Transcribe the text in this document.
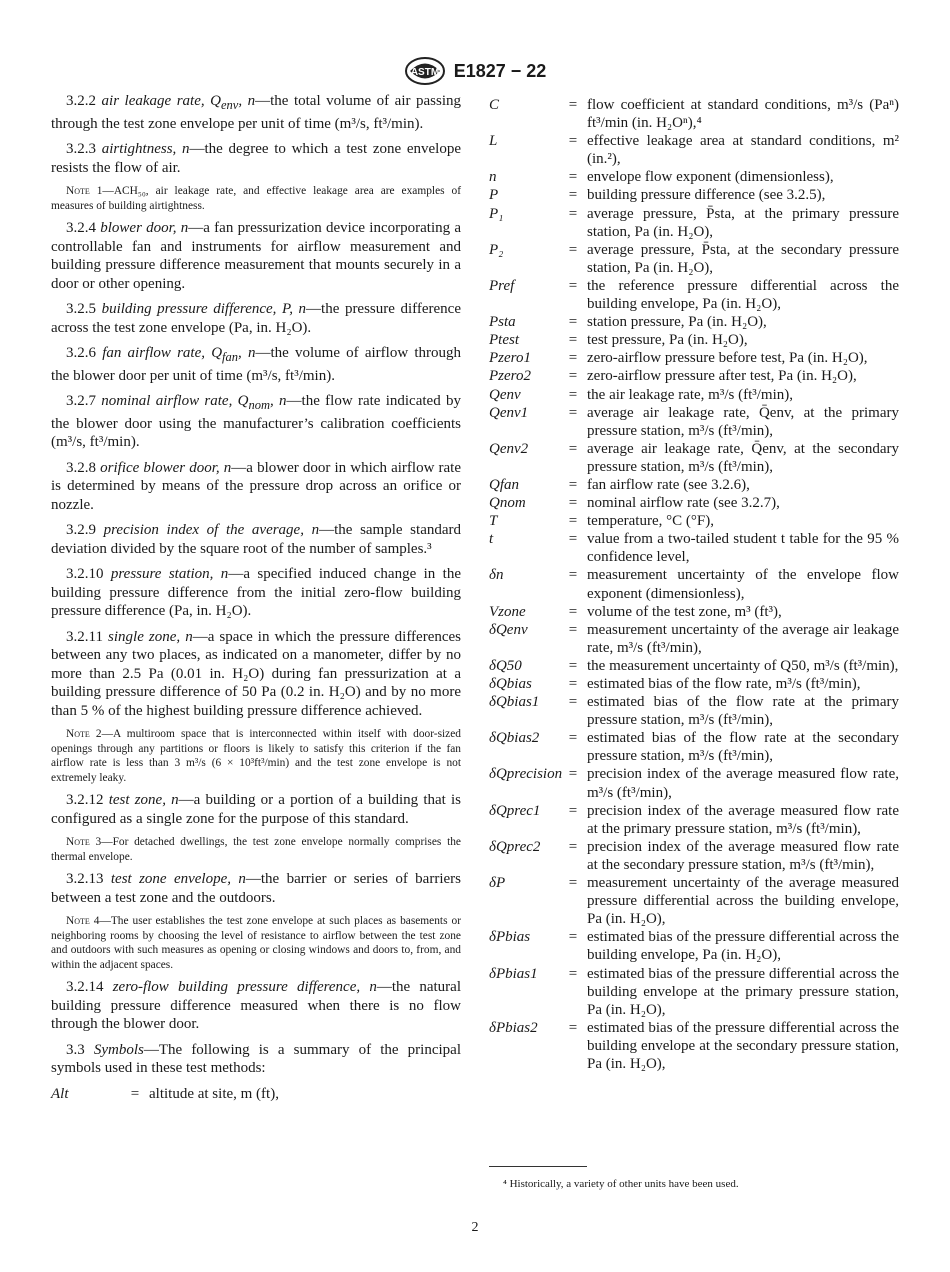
ASTM E1827 − 22

3.2.2 air leakage rate, $Q_{env}$, n—the total volume of air passing through the test zone envelope per unit of time (m³/s, ft³/min).

3.2.3 airtightness, n—the degree to which a test zone envelope resists the flow of air.

Note 1—ACH₅₀, air leakage rate, and effective leakage area are examples of measures of building airtightness.

3.2.4 blower door, n—a fan pressurization device incorporating a controllable fan and instruments for airflow measurement and building pressure difference measurement that mounts securely in a door or other opening.

3.2.5 building pressure difference, P, n—the pressure difference across the test zone envelope (Pa, in. H₂O).

3.2.6 fan airflow rate, $Q_{fan}$, n—the volume of airflow through the blower door per unit of time (m³/s, ft³/min).

3.2.7 nominal airflow rate, $Q_{nom}$, n—the flow rate indicated by the blower door using the manufacturer’s calibration coefficients (m³/s, ft³/min).

3.2.8 orifice blower door, n—a blower door in which airflow rate is determined by means of the pressure drop across an orifice or nozzle.

3.2.9 precision index of the average, n—the sample standard deviation divided by the square root of the number of samples.³

3.2.10 pressure station, n—a specified induced change in the building pressure difference from the initial zero-flow building pressure difference (Pa, in. H₂O).

3.2.11 single zone, n—a space in which the pressure differences between any two places, as indicated on a manometer, differ by no more than 2.5 Pa (0.01 in. H₂O) during fan pressurization at a building pressure difference of 50 Pa (0.2 in. H₂O) and by no more than 5 % of the highest building pressure difference achieved.

Note 2—A multiroom space that is interconnected within itself with door-sized openings through any partitions or floors is likely to satisfy this criterion if the fan airflow rate is less than 3 m³/s (6 × 10³ft³/min) and the test zone envelope is not extremely leaky.

3.2.12 test zone, n—a building or a portion of a building that is configured as a single zone for the purpose of this standard.

Note 3—For detached dwellings, the test zone envelope normally comprises the thermal envelope.

3.2.13 test zone envelope, n—the barrier or series of barriers between a test zone and the outdoors.

Note 4—The user establishes the test zone envelope at such places as basements or neighboring rooms by choosing the level of resistance to airflow between the test zone and outdoors with such measures as opening or closing windows and doors to, from, and within the adjacent spaces.

3.2.14 zero-flow building pressure difference, n—the natural building pressure difference measured when there is no flow through the blower door.

3.3 Symbols—The following is a summary of the principal symbols used in these test methods:

Alt	= altitude at site, m (ft),
C	= flow coefficient at standard conditions, m³/s (Paⁿ) ft³/min (in. H₂Oⁿ),⁴
L	= effective leakage area at standard conditions, m² (in.²),
n	= envelope flow exponent (dimensionless),
P	= building pressure difference (see 3.2.5),
P₁	= average pressure, P̄sta, at the primary pressure station, Pa (in. H₂O),
P₂	= average pressure, P̄sta, at the secondary pressure station, Pa (in. H₂O),
Pref	= the reference pressure differential across the building envelope, Pa (in. H₂O),
Psta	= station pressure, Pa (in. H₂O),
Ptest	= test pressure, Pa (in. H₂O),
Pzero1	= zero-airflow pressure before test, Pa (in. H₂O),
Pzero2	= zero-airflow pressure after test, Pa (in. H₂O),
Qenv	= the air leakage rate, m³/s (ft³/min),
Qenv1	= average air leakage rate, Q̄env, at the primary pressure station, m³/s (ft³/min),
Qenv2	= average air leakage rate, Q̄env, at the secondary pressure station, m³/s (ft³/min),
Qfan	= fan airflow rate (see 3.2.6),
Qnom	= nominal airflow rate (see 3.2.7),
T	= temperature, °C (°F),
t	= value from a two-tailed student t table for the 95 % confidence level,
δn	= measurement uncertainty of the envelope flow exponent (dimensionless),
Vzone	= volume of the test zone, m³ (ft³),
δQenv	= measurement uncertainty of the average air leakage rate, m³/s (ft³/min),
δQ50	= the measurement uncertainty of Q50, m³/s (ft³/min),
δQbias	= estimated bias of the flow rate, m³/s (ft³/min),
δQbias1	= estimated bias of the flow rate at the primary pressure station, m³/s (ft³/min),
δQbias2	= estimated bias of the flow rate at the secondary pressure station, m³/s (ft³/min),
δQprecision = precision index of the average measured flow rate, m³/s (ft³/min),
δQprec1	= precision index of the average measured flow rate at the primary pressure station, m³/s (ft³/min),
δQprec2	= precision index of the average measured flow rate at the secondary pressure station, m³/s (ft³/min),
δP	= measurement uncertainty of the average measured pressure differential across the building envelope, Pa (in. H₂O),
δPbias	= estimated bias of the pressure differential across the building envelope, Pa (in. H₂O),
δPbias1	= estimated bias of the pressure differential across the building envelope at the primary pressure station, Pa (in. H₂O),
δPbias2	= estimated bias of the pressure differential across the building envelope at the secondary pressure station, Pa (in. H₂O),
⁴ Historically, a variety of other units have been used.
2
